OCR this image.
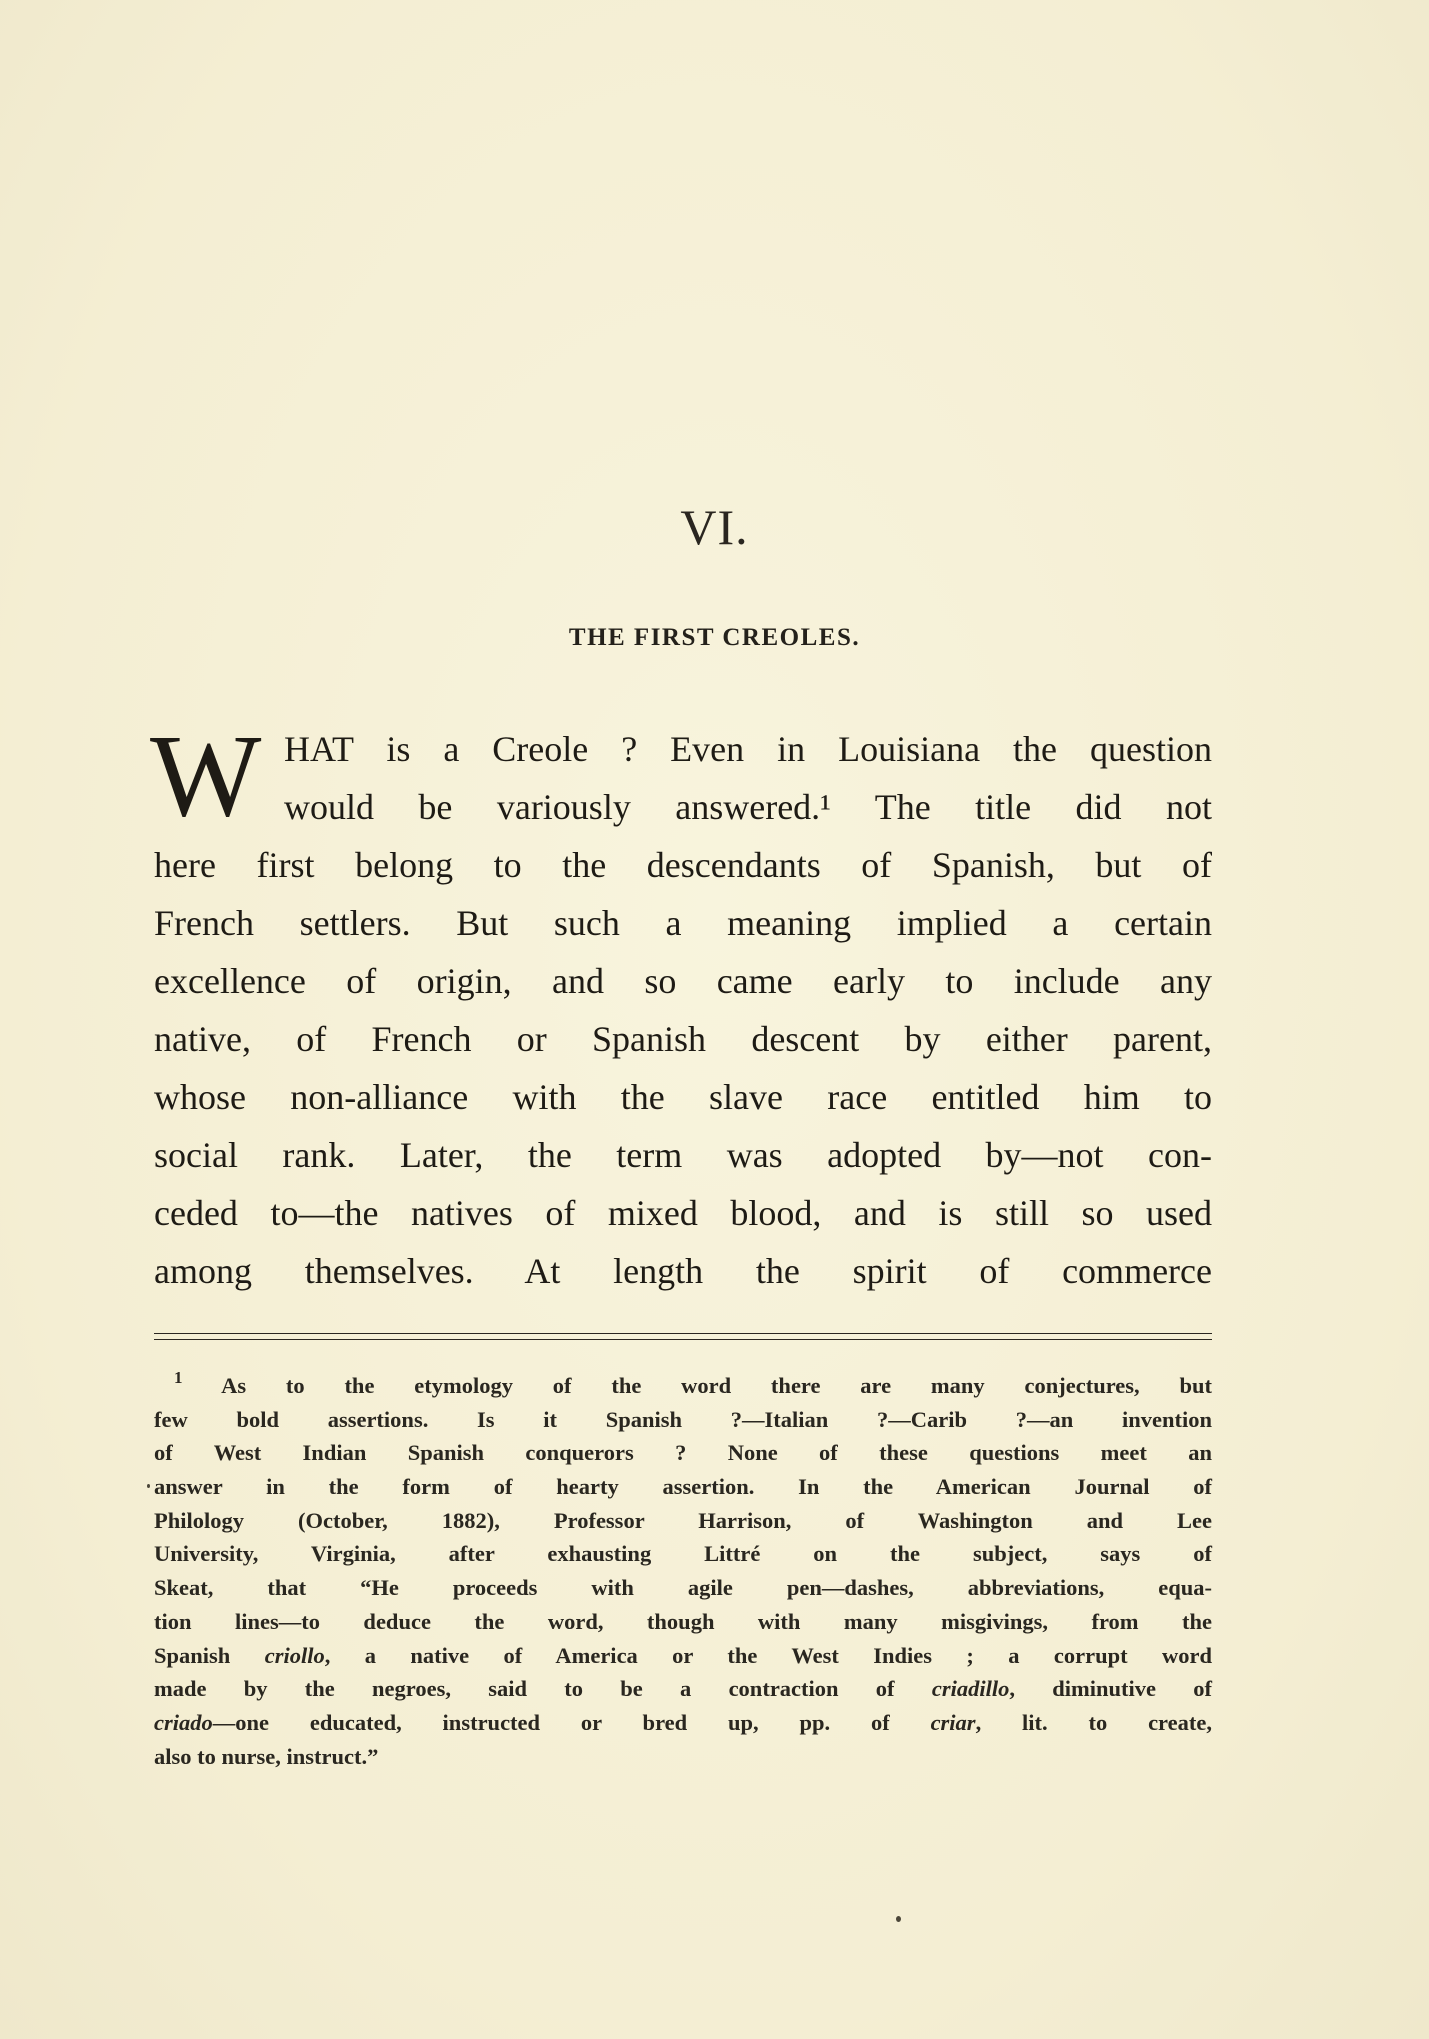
VI.
THE FIRST CREOLES.
W HAT is a Creole ? Even in Louisiana the question
would be variously answered.¹ The title did not
here first belong to the descendants of Spanish, but of
French settlers. But such a meaning implied a certain
excellence of origin, and so came early to include any
native, of French or Spanish descent by either parent,
whose non-alliance with the slave race entitled him to
social rank. Later, the term was adopted by—not con-
ceded to—the natives of mixed blood, and is still so used
among themselves. At length the spirit of commerce
$^1$ As to the etymology of the word there are many conjectures, but
few bold assertions. Is it Spanish ?—Italian ?—Carib ?—an invention
of West Indian Spanish conquerors ? None of these questions meet an
answer in the form of hearty assertion. In the American Journal of
Philology (October, 1882), Professor Harrison, of Washington and Lee
University, Virginia, after exhausting Littré on the subject, says of
Skeat, that “He proceeds with agile pen—dashes, abbreviations, equa-
tion lines—to deduce the word, though with many misgivings, from the
Spanish criollo, a native of America or the West Indies ; a corrupt word
made by the negroes, said to be a contraction of criadillo, diminutive of
criado—one educated, instructed or bred up, pp. of criar, lit. to create,
also to nurse, instruct.”
